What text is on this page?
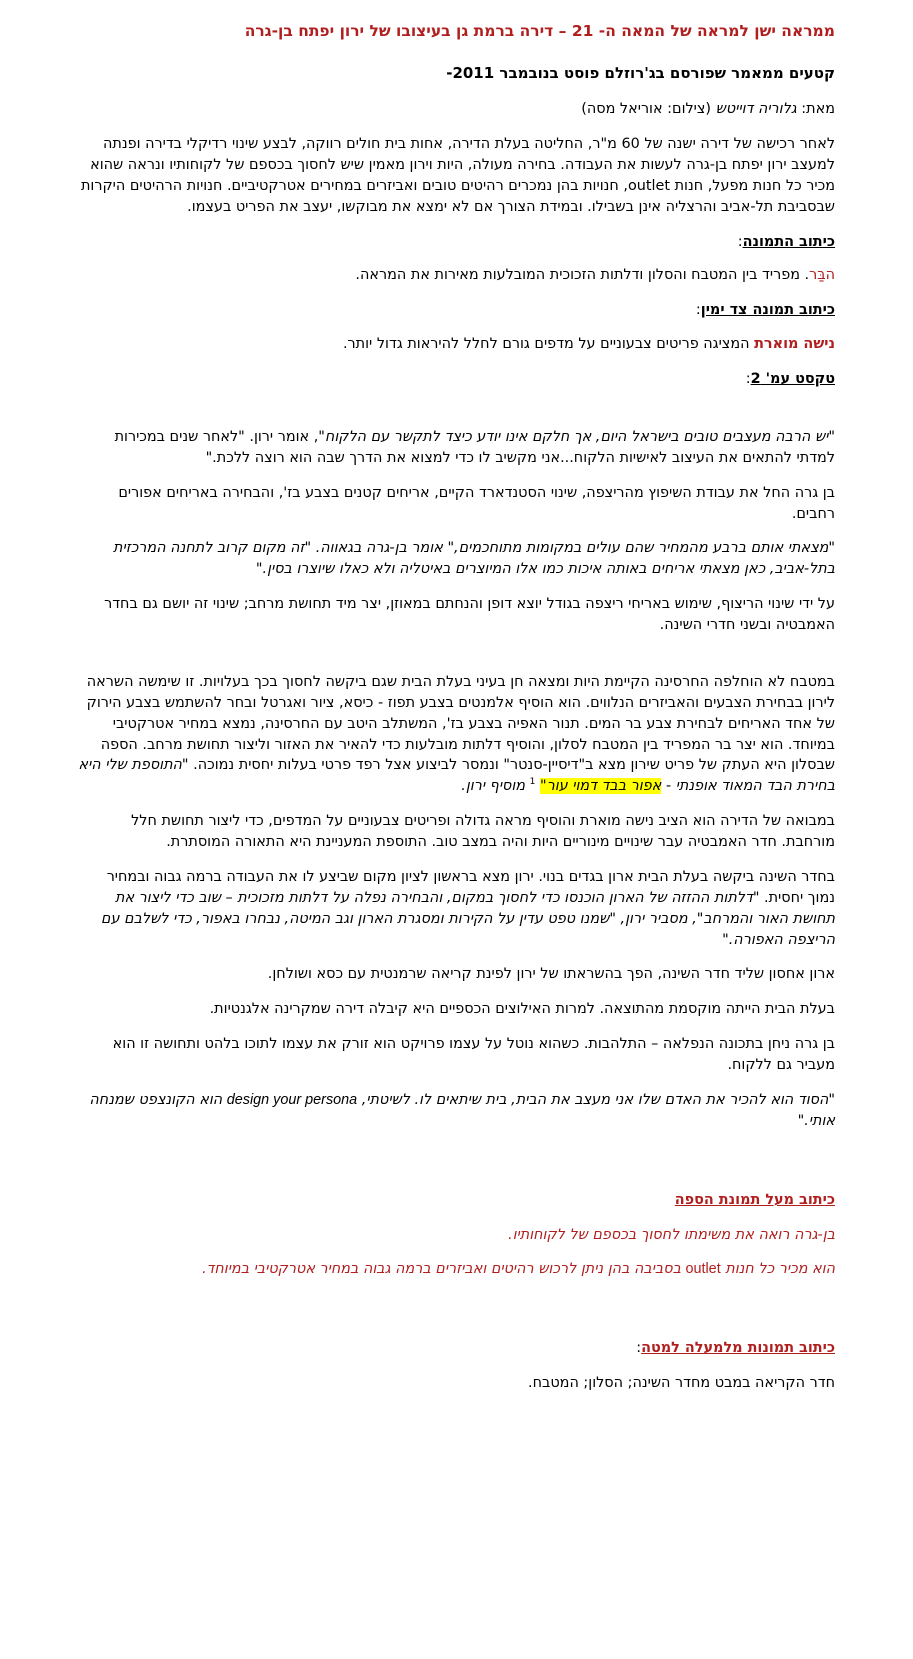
ממראה ישן למראה של המאה ה- 21 – דירה ברמת גן בעיצובו של ירון יפתח בן-גרה

קטעים ממאמר שפורסם בג'רוזלם פוסט בנובמבר 2011-

מאת: גלוריה דוייטש (צילום: אוריאל מסה)

לאחר רכישה של דירה ישנה של 60 מ"ר, החליטה בעלת הדירה, אחות בית חולים רווקה, לבצע שינוי רדיקלי בדירה ופנתה למעצב ירון יפתח בן-גרה לעשות את העבודה. בחירה מעולה, היות וירון מאמין שיש לחסוך בכספם של לקוחותיו ונראה שהוא מכיר כל חנות מפעל, חנות outlet, חנויות בהן נמכרים רהיטים טובים ואביזרים במחירים אטרקטיביים. חנויות הרהיטים היקרות שבסביבת תל-אביב והרצליה אינן בשבילו. ובמידת הצורך אם לא ימצא את מבוקשו, יעצב את הפריט בעצמו.

כיתוב התמונה:

הבַּר. מפריד בין המטבח והסלון ודלתות הזכוכית המובלעות מאירות את המראה.

כיתוב תמונה צד ימין:

נישה מוארת המציגה פריטים צבעוניים על מדפים גורם לחלל להיראות גדול יותר.

טקסט עמ' 2:

"יש הרבה מעצבים טובים בישראל היום, אך חלקם אינו יודע כיצד לתקשר עם הלקוח", אומר ירון. "לאחר שנים במכירות למדתי להתאים את העיצוב לאישיות הלקוח...אני מקשיב לו כדי למצוא את הדרך שבה הוא רוצה ללכת."

בן גרה החל את עבודת השיפוץ מהריצפה, שינוי הסטנדארד הקיים, אריחים קטנים בצבע בז', והבחירה באריחים אפורים רחבים.

"מצאתי אותם ברבע מהמחיר שהם עולים במקומות מתוחכמים," אומר בן-גרה בגאווה. "זה מקום קרוב לתחנה המרכזית בתל-אביב, כאן מצאתי אריחים באותה איכות כמו אלו המיוצרים באיטליה ולא כאלו שיוצרו בסין."

על ידי שינוי הריצוף, שימוש באריחי ריצפה בגודל יוצא דופן והנחתם במאוזן, יצר מיד תחושת מרחב; שינוי זה יושם גם בחדר האמבטיה ובשני חדרי השינה.

במטבח לא הוחלפה החרסינה הקיימת היות ומצאה חן בעיני בעלת הבית שגם ביקשה לחסוך בכך בעלויות. זו שימשה השראה לירון בבחירת הצבעים והאביזרים הנלווים. הוא הוסיף אלמנטים בצבע תפוז - כיסא, ציור ואגרטל ובחר להשתמש בצבע הירוק של אחד האריחים לבחירת צבע בר המים. תנור האפיה בצבע בז', המשתלב היטב עם החרסינה, נמצא במחיר אטרקטיבי במיוחד. הוא יצר בר המפריד בין המטבח לסלון, והוסיף דלתות מובלעות כדי להאיר את האזור וליצור תחושת מרחב. הספה שבסלון היא העתק של פריט שירון מצא ב"דיסיין-סנטר" ונמסר לביצוע אצל רפד פרטי בעלות יחסית נמוכה. "התוספת שלי היא בחירת הבד המאוד אופנתי - אפור בבד דמוי עור" $^1$ מוסיף ירון.

במבואה של הדירה הוא הציב נישה מוארת והוסיף מראה גדולה ופריטים צבעוניים על המדפים, כדי ליצור תחושת חלל מורחבת. חדר האמבטיה עבר שינויים מינוריים היות והיה במצב טוב. התוספת המעניינת היא התאורה המוסתרת.

בחדר השינה ביקשה בעלת הבית ארון בגדים בנוי. ירון מצא בראשון לציון מקום שביצע לו את העבודה ברמה גבוה ובמחיר נמוך יחסית. "דלתות ההזזה של הארון הוכנסו כדי לחסוך במקום, והבחירה נפלה על דלתות מזכוכית – שוב כדי ליצור את תחושת האור והמרחב", מסביר ירון, "שמנו טפט עדין על הקירות ומסגרת הארון וגב המיטה, נבחרו באפור, כדי לשלבם עם הריצפה האפורה."

ארון אחסון שליד חדר השינה, הפך בהשראתו של ירון לפינת קריאה שרמנטית עם כסא ושולחן.

בעלת הבית הייתה מוקסמת מהתוצאה. למרות האילוצים הכספיים היא קיבלה דירה שמקרינה אלגנטיות.

בן גרה ניחן בתכונה הנפלאה – התלהבות. כשהוא נוטל על עצמו פרויקט הוא זורק את עצמו לתוכו בלהט ותחושה זו הוא מעביר גם ללקוח.

"הסוד הוא להכיר את האדם שלו אני מעצב את הבית, בית שיתאים לו. לשיטתי, design your persona הוא הקונצפט שמנחה אותי."

כיתוב מעל תמונת הספה

בן-גרה רואה את משימתו לחסוך בכספם של לקוחותיו.

הוא מכיר כל חנות outlet בסביבה בהן ניתן לרכוש רהיטים ואביזרים ברמה גבוה במחיר אטרקטיבי במיוחד.

כיתוב תמונות מלמעלה למטה:

חדר הקריאה במבט מחדר השינה; הסלון; המטבח.
